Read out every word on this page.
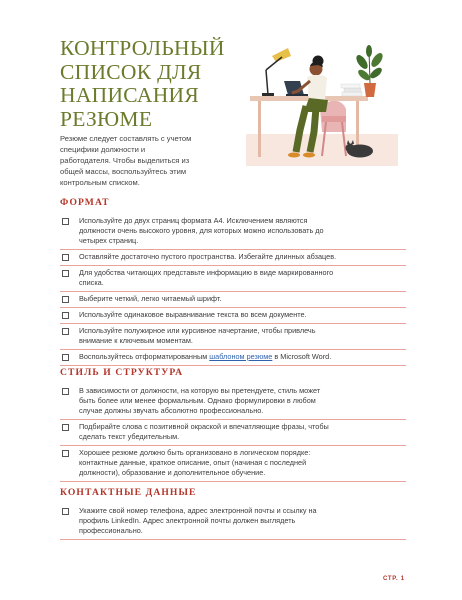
КОНТРОЛЬНЫЙ
СПИСОК ДЛЯ
НАПИСАНИЯ
РЕЗЮМЕ
Резюме следует составлять с учетом
специфики должности и
работодателя. Чтобы выделиться из
общей массы, воспользуйтесь этим
контрольным списком.
ФОРМАТ
Используйте до двух страниц формата A4. Исключением являются
должности очень высокого уровня, для которых можно использовать до
четырех страниц.
Оставляйте достаточно пустого пространства. Избегайте длинных абзацев.
Для удобства читающих представьте информацию в виде маркированного
списка.
Выберите четкий, легко читаемый шрифт.
Используйте одинаковое выравнивание текста во всем документе.
Используйте полужирное или курсивное начертание, чтобы привлечь
внимание к ключевым моментам.
Воспользуйтесь отформатированным шаблоном резюме в Microsoft Word.
СТИЛЬ И СТРУКТУРА
В зависимости от должности, на которую вы претендуете, стиль может
быть более или менее формальным. Однако формулировки в любом
случае должны звучать абсолютно профессионально.
Подбирайте слова с позитивной окраской и впечатляющие фразы, чтобы
сделать текст убедительным.
Хорошее резюме должно быть организовано в логическом порядке:
контактные данные, краткое описание, опыт (начиная с последней
должности), образование и дополнительное обучение.
КОНТАКТНЫЕ ДАННЫЕ
Укажите свой номер телефона, адрес электронной почты и ссылку на
профиль LinkedIn. Адрес электронной почты должен выглядеть
профессионально.
СТР. 1
